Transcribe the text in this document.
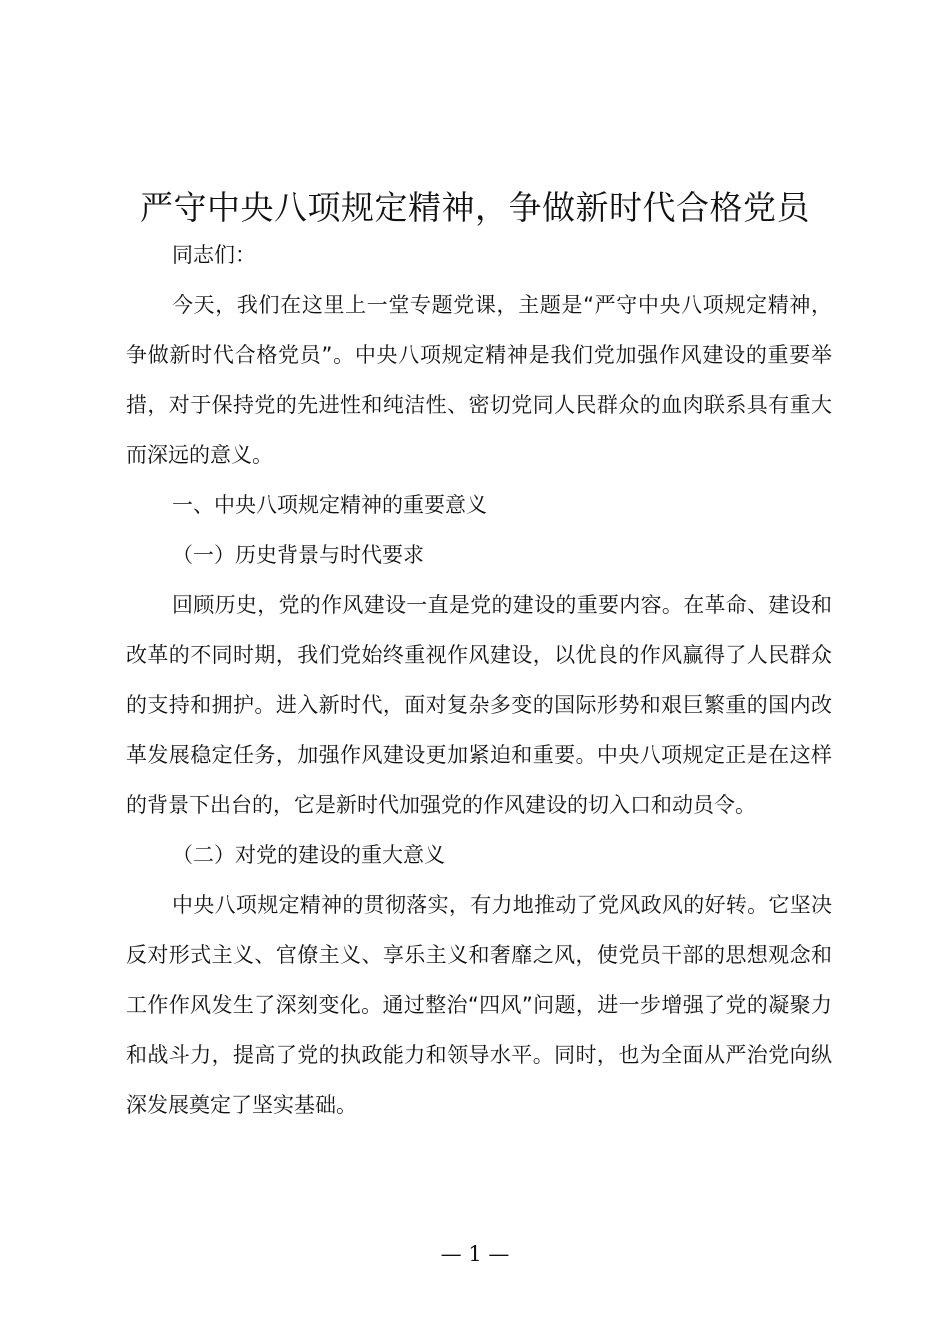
严守中央八项规定精神，争做新时代合格党员

同志们：

今天，我们在这里上一堂专题党课，主题是“严守中央八项规定精神，争做新时代合格党员”。中央八项规定精神是我们党加强作风建设的重要举措，对于保持党的先进性和纯洁性、密切党同人民群众的血肉联系具有重大而深远的意义。

一、中央八项规定精神的重要意义

（一）历史背景与时代要求

回顾历史，党的作风建设一直是党的建设的重要内容。在革命、建设和改革的不同时期，我们党始终重视作风建设，以优良的作风赢得了人民群众的支持和拥护。进入新时代，面对复杂多变的国际形势和艰巨繁重的国内改革发展稳定任务，加强作风建设更加紧迫和重要。中央八项规定正是在这样的背景下出台的，它是新时代加强党的作风建设的切入口和动员令。

（二）对党的建设的重大意义

中央八项规定精神的贯彻落实，有力地推动了党风政风的好转。它坚决反对形式主义、官僚主义、享乐主义和奢靡之风，使党员干部的思想观念和工作作风发生了深刻变化。通过整治“四风”问题，进一步增强了党的凝聚力和战斗力，提高了党的执政能力和领导水平。同时，也为全面从严治党向纵深发展奠定了坚实基础。

— 1 —
